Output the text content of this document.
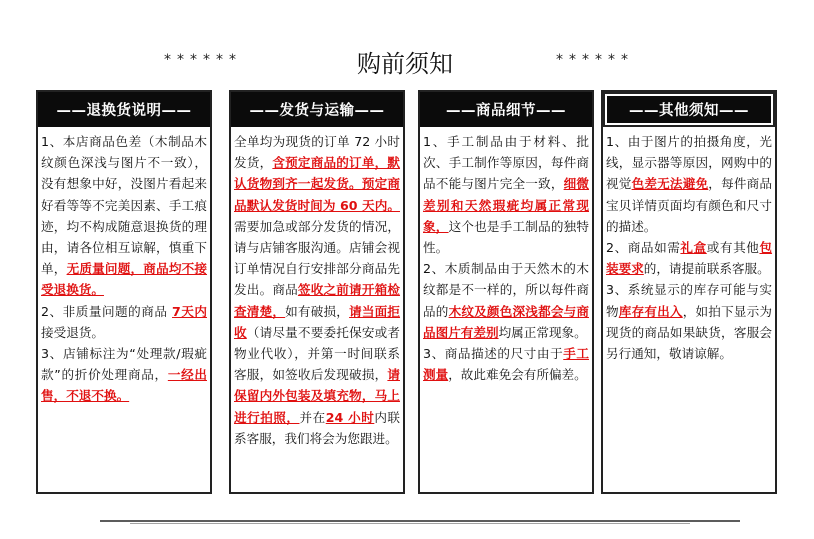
******	购前须知	******
——退换货说明——

1、本店商品色差（木制品木纹颜色深浅与图片不一致），没有想象中好，没图片看起来好看等等不完美因素、手工痕迹，均不构成随意退换货的理由，请各位相互谅解，慎重下单，无质量问题，商品均不接受退换货。

2、非质量问题的商品 7天内接受退货。

3、店铺标注为“处理款/瑕疵款”的折价处理商品，一经出售，不退不换。

——发货与运输——

全单均为现货的订单 72 小时发货，含预定商品的订单，默认货物到齐一起发货。预定商品默认发货时间为 60 天内。需要加急或部分发货的情况，请与店铺客服沟通。店铺会视订单情况自行安排部分商品先发出。商品签收之前请开箱检查清楚，如有破损，请当面拒收（请尽量不要委托保安或者物业代收），并第一时间联系客服，如签收后发现破损，请保留内外包装及填充物，马上进行拍照，并在24 小时内联系客服，我们将会为您跟进。

——商品细节——

1、手工制品由于材料、批次、手工制作等原因，每件商品不能与图片完全一致，细微差别和天然瑕疵均属正常现象，这个也是手工制品的独特性。

2、木质制品由于天然木的木纹都是不一样的，所以每件商品的木纹及颜色深浅都会与商品图片有差别均属正常现象。

3、商品描述的尺寸由于手工测量，故此难免会有所偏差。

——其他须知——

1、由于图片的拍摄角度，光线，显示器等原因，网购中的视觉色差无法避免，每件商品宝贝详情页面均有颜色和尺寸的描述。

2、商品如需礼盒或有其他包装要求的，请提前联系客服。

3、系统显示的库存可能与实物库存有出入，如拍下显示为现货的商品如果缺货，客服会另行通知，敬请谅解。
